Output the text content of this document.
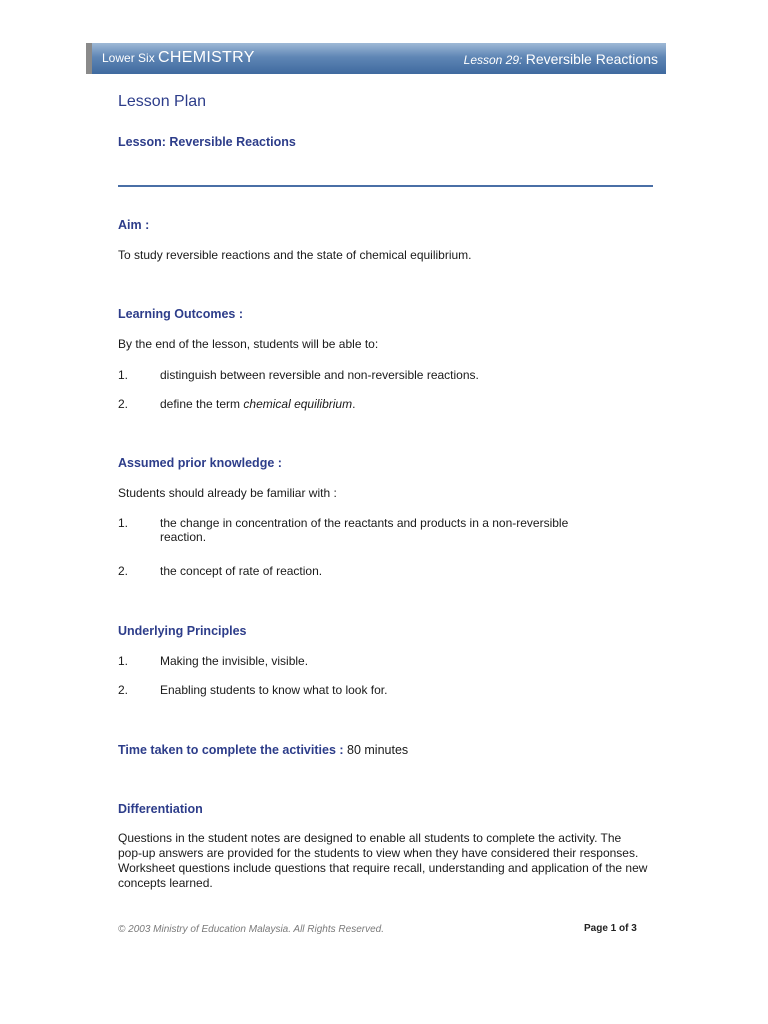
Lower Six CHEMISTRY	Lesson 29: Reversible Reactions
Lesson Plan
Lesson: Reversible Reactions
Aim :
To study reversible reactions and the state of chemical equilibrium.
Learning Outcomes :
By the end of the lesson, students will be able to:
1.	distinguish between reversible and non-reversible reactions.
2.	define the term chemical equilibrium.
Assumed prior knowledge :
Students should already be familiar with :
1.	the change in concentration of the reactants and products in a non-reversible reaction.
2.	the concept of rate of reaction.
Underlying Principles
1.	Making the invisible, visible.
2.	Enabling students to know what to look for.
Time taken to complete the activities : 80 minutes
Differentiation
Questions in the student notes are designed to enable all students to complete the activity. The pop-up answers are provided for the students to view when they have considered their responses. Worksheet questions include questions that require recall, understanding and application of the new concepts learned.
© 2003 Ministry of Education Malaysia. All Rights Reserved.	Page 1 of 3
